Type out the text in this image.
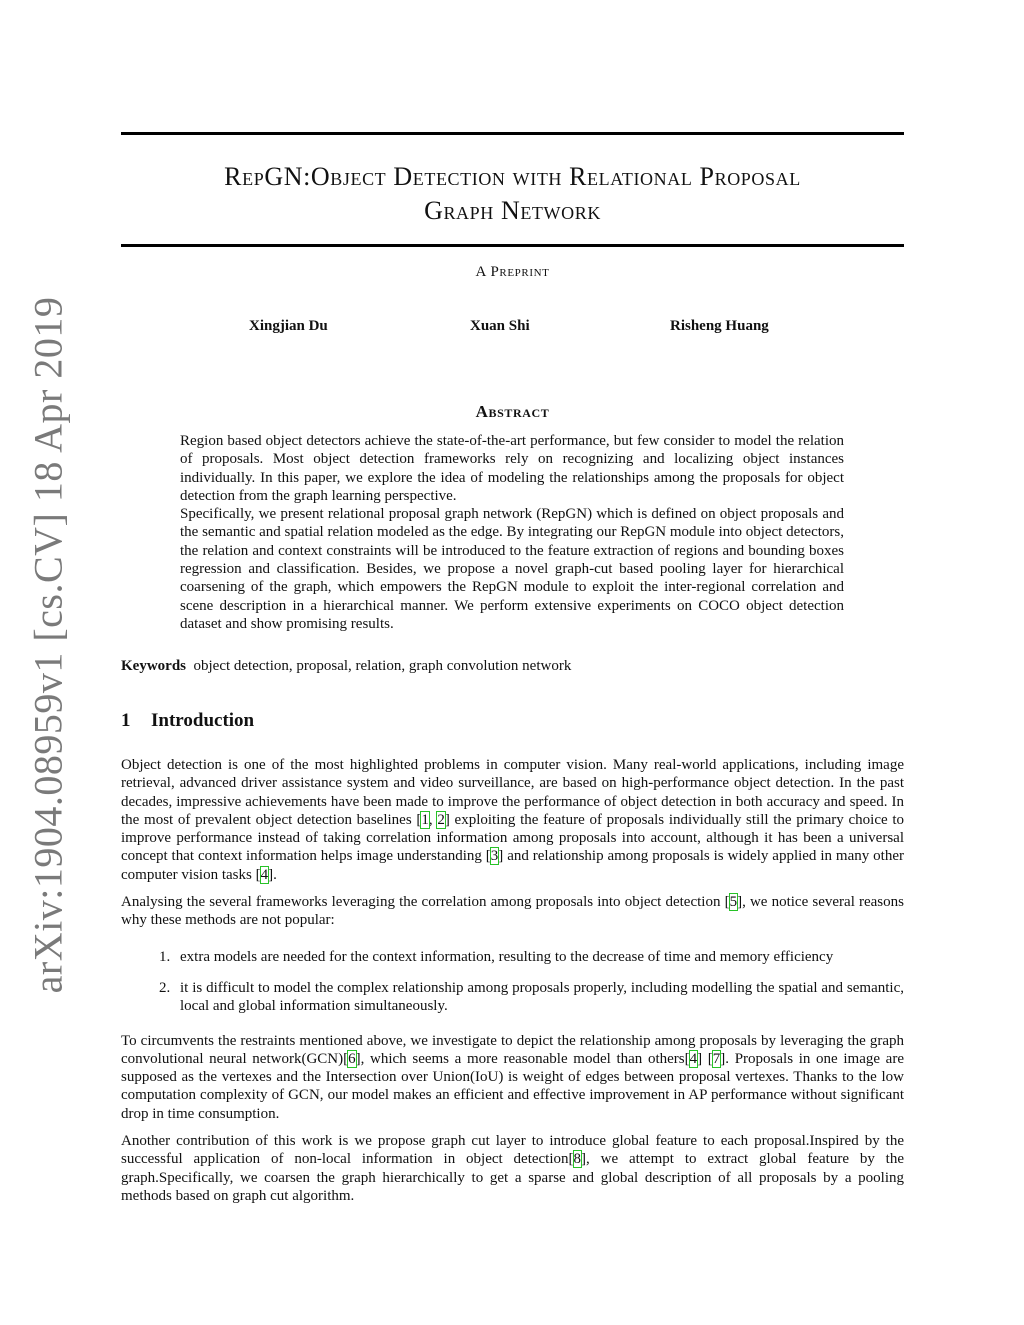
arXiv:1904.08959v1 [cs.CV] 18 Apr 2019
RepGN:Object Detection with Relational Proposal
Graph Network
A Preprint
Xingjian Du	Xuan Shi	Risheng Huang
Abstract

Region based object detectors achieve the state-of-the-art performance, but few consider to model the relation of proposals. Most object detection frameworks rely on recognizing and localizing object instances individually. In this paper, we explore the idea of modeling the relationships among the proposals for object detection from the graph learning perspective.

Specifically, we present relational proposal graph network (RepGN) which is defined on object proposals and the semantic and spatial relation modeled as the edge. By integrating our RepGN module into object detectors, the relation and context constraints will be introduced to the feature extraction of regions and bounding boxes regression and classification. Besides, we propose a novel graph-cut based pooling layer for hierarchical coarsening of the graph, which empowers the RepGN module to exploit the inter-regional correlation and scene description in a hierarchical manner. We perform extensive experiments on COCO object detection dataset and show promising results.

Keywords object detection, proposal, relation, graph convolution network
1 Introduction

Object detection is one of the most highlighted problems in computer vision. Many real-world applications, including image retrieval, advanced driver assistance system and video surveillance, are based on high-performance object detection. In the past decades, impressive achievements have been made to improve the performance of object detection in both accuracy and speed. In the most of prevalent object detection baselines [1, 2] exploiting the feature of proposals individually still the primary choice to improve performance instead of taking correlation information among proposals into account, although it has been a universal concept that context information helps image understanding [3] and relationship among proposals is widely applied in many other computer vision tasks [4].

Analysing the several frameworks leveraging the correlation among proposals into object detection [5], we notice several reasons why these methods are not popular:

1. extra models are needed for the context information, resulting to the decrease of time and memory efficiency
2. it is difficult to model the complex relationship among proposals properly, including modelling the spatial and semantic, local and global information simultaneously.

To circumvents the restraints mentioned above, we investigate to depict the relationship among proposals by leveraging the graph convolutional neural network(GCN)[6], which seems a more reasonable model than others[4] [7]. Proposals in one image are supposed as the vertexes and the Intersection over Union(IoU) is weight of edges between proposal vertexes. Thanks to the low computation complexity of GCN, our model makes an efficient and effective improvement in AP performance without significant drop in time consumption.

Another contribution of this work is we propose graph cut layer to introduce global feature to each proposal.Inspired by the successful application of non-local information in object detection[8], we attempt to extract global feature by the graph.Specifically, we coarsen the graph hierarchically to get a sparse and global description of all proposals by a pooling methods based on graph cut algorithm.
